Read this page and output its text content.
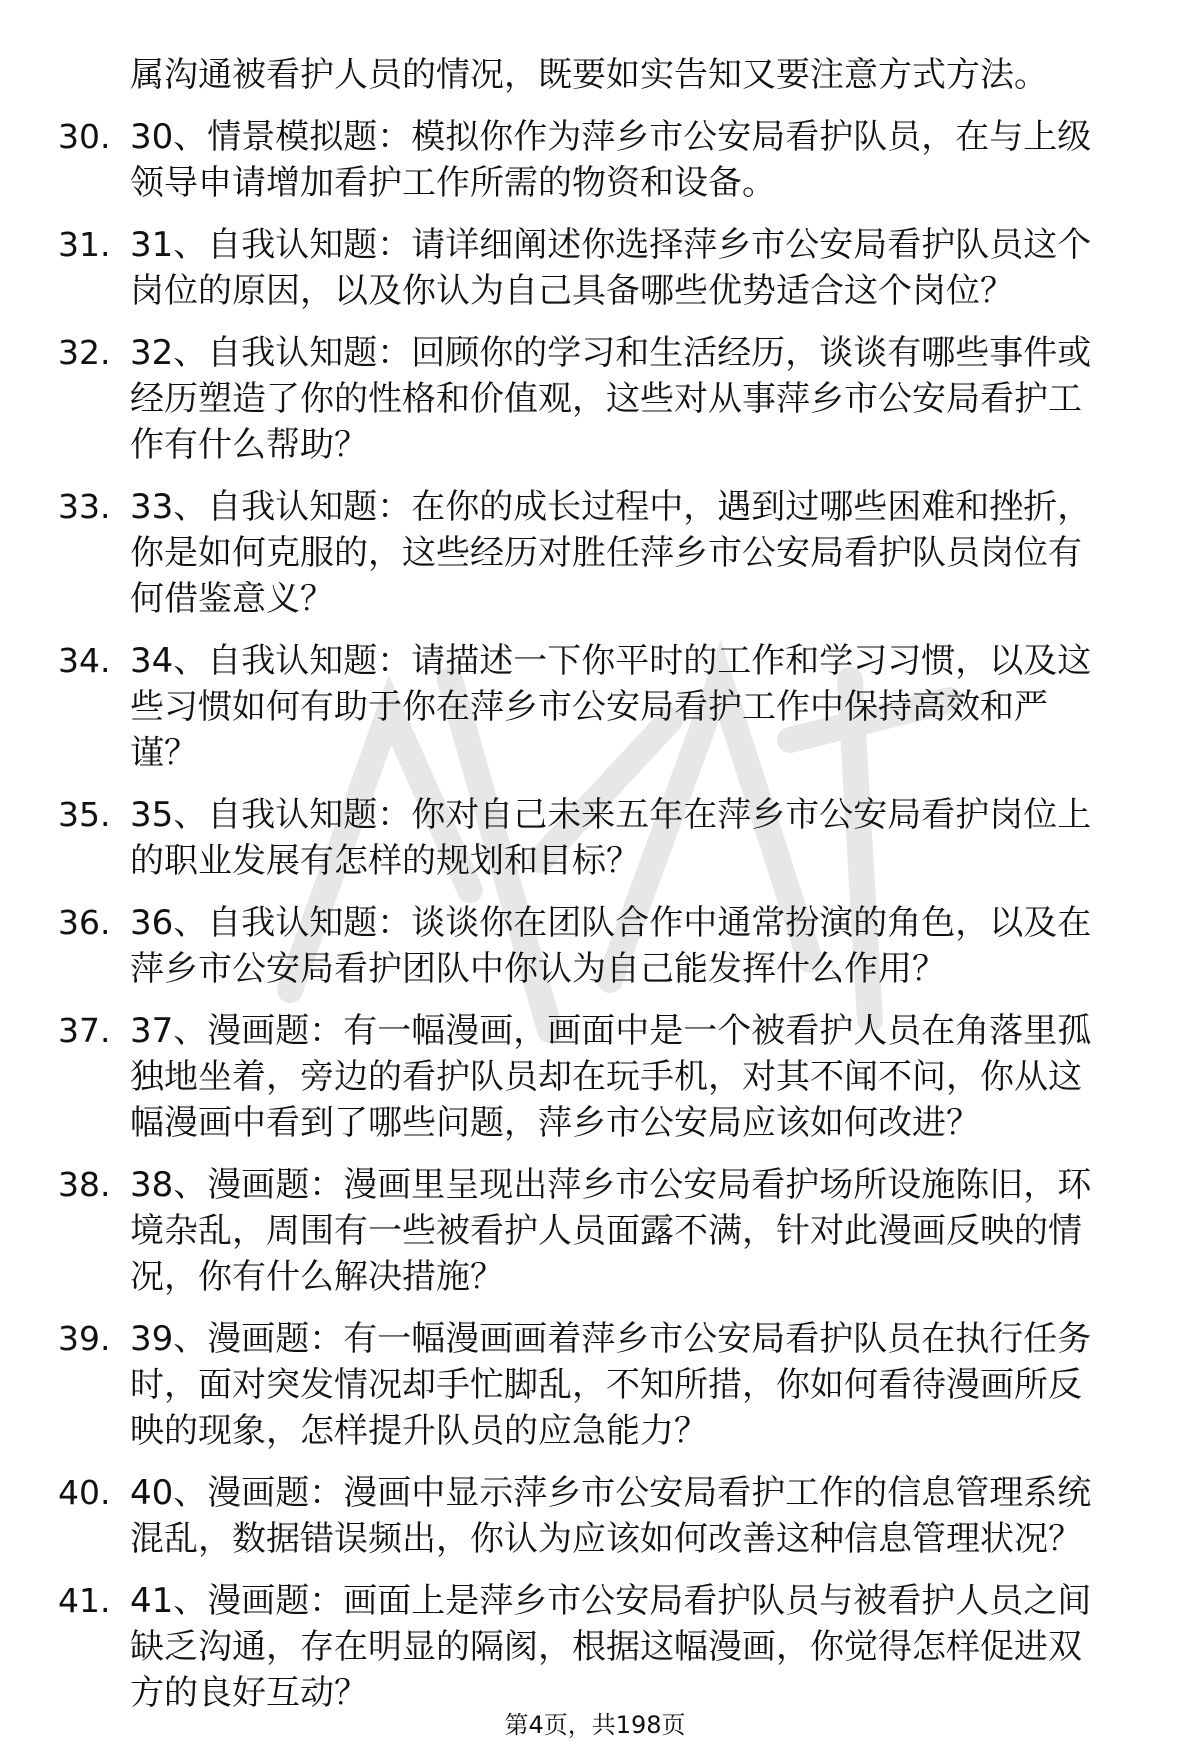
属沟通被看护人员的情况，既要如实告知又要注意方式方法。
30. 30、情景模拟题：模拟你作为萍乡市公安局看护队员，在与上级
领导申请增加看护工作所需的物资和设备。
31. 31、自我认知题：请详细阐述你选择萍乡市公安局看护队员这个
岗位的原因，以及你认为自己具备哪些优势适合这个岗位？
32. 32、自我认知题：回顾你的学习和生活经历，谈谈有哪些事件或
经历塑造了你的性格和价值观，这些对从事萍乡市公安局看护工
作有什么帮助？
33. 33、自我认知题：在你的成长过程中，遇到过哪些困难和挫折，
你是如何克服的，这些经历对胜任萍乡市公安局看护队员岗位有
何借鉴意义？
34. 34、自我认知题：请描述一下你平时的工作和学习习惯，以及这
些习惯如何有助于你在萍乡市公安局看护工作中保持高效和严
谨？
35. 35、自我认知题：你对自己未来五年在萍乡市公安局看护岗位上
的职业发展有怎样的规划和目标？
36. 36、自我认知题：谈谈你在团队合作中通常扮演的角色，以及在
萍乡市公安局看护团队中你认为自己能发挥什么作用？
37. 37、漫画题：有一幅漫画，画面中是一个被看护人员在角落里孤
独地坐着，旁边的看护队员却在玩手机，对其不闻不问，你从这
幅漫画中看到了哪些问题，萍乡市公安局应该如何改进？
38. 38、漫画题：漫画里呈现出萍乡市公安局看护场所设施陈旧，环
境杂乱，周围有一些被看护人员面露不满，针对此漫画反映的情
况，你有什么解决措施？
39. 39、漫画题：有一幅漫画画着萍乡市公安局看护队员在执行任务
时，面对突发情况却手忙脚乱，不知所措，你如何看待漫画所反
映的现象，怎样提升队员的应急能力？
40. 40、漫画题：漫画中显示萍乡市公安局看护工作的信息管理系统
混乱，数据错误频出，你认为应该如何改善这种信息管理状况？
41. 41、漫画题：画面上是萍乡市公安局看护队员与被看护人员之间
缺乏沟通，存在明显的隔阂，根据这幅漫画，你觉得怎样促进双
方的良好互动？
第4页，共198页
